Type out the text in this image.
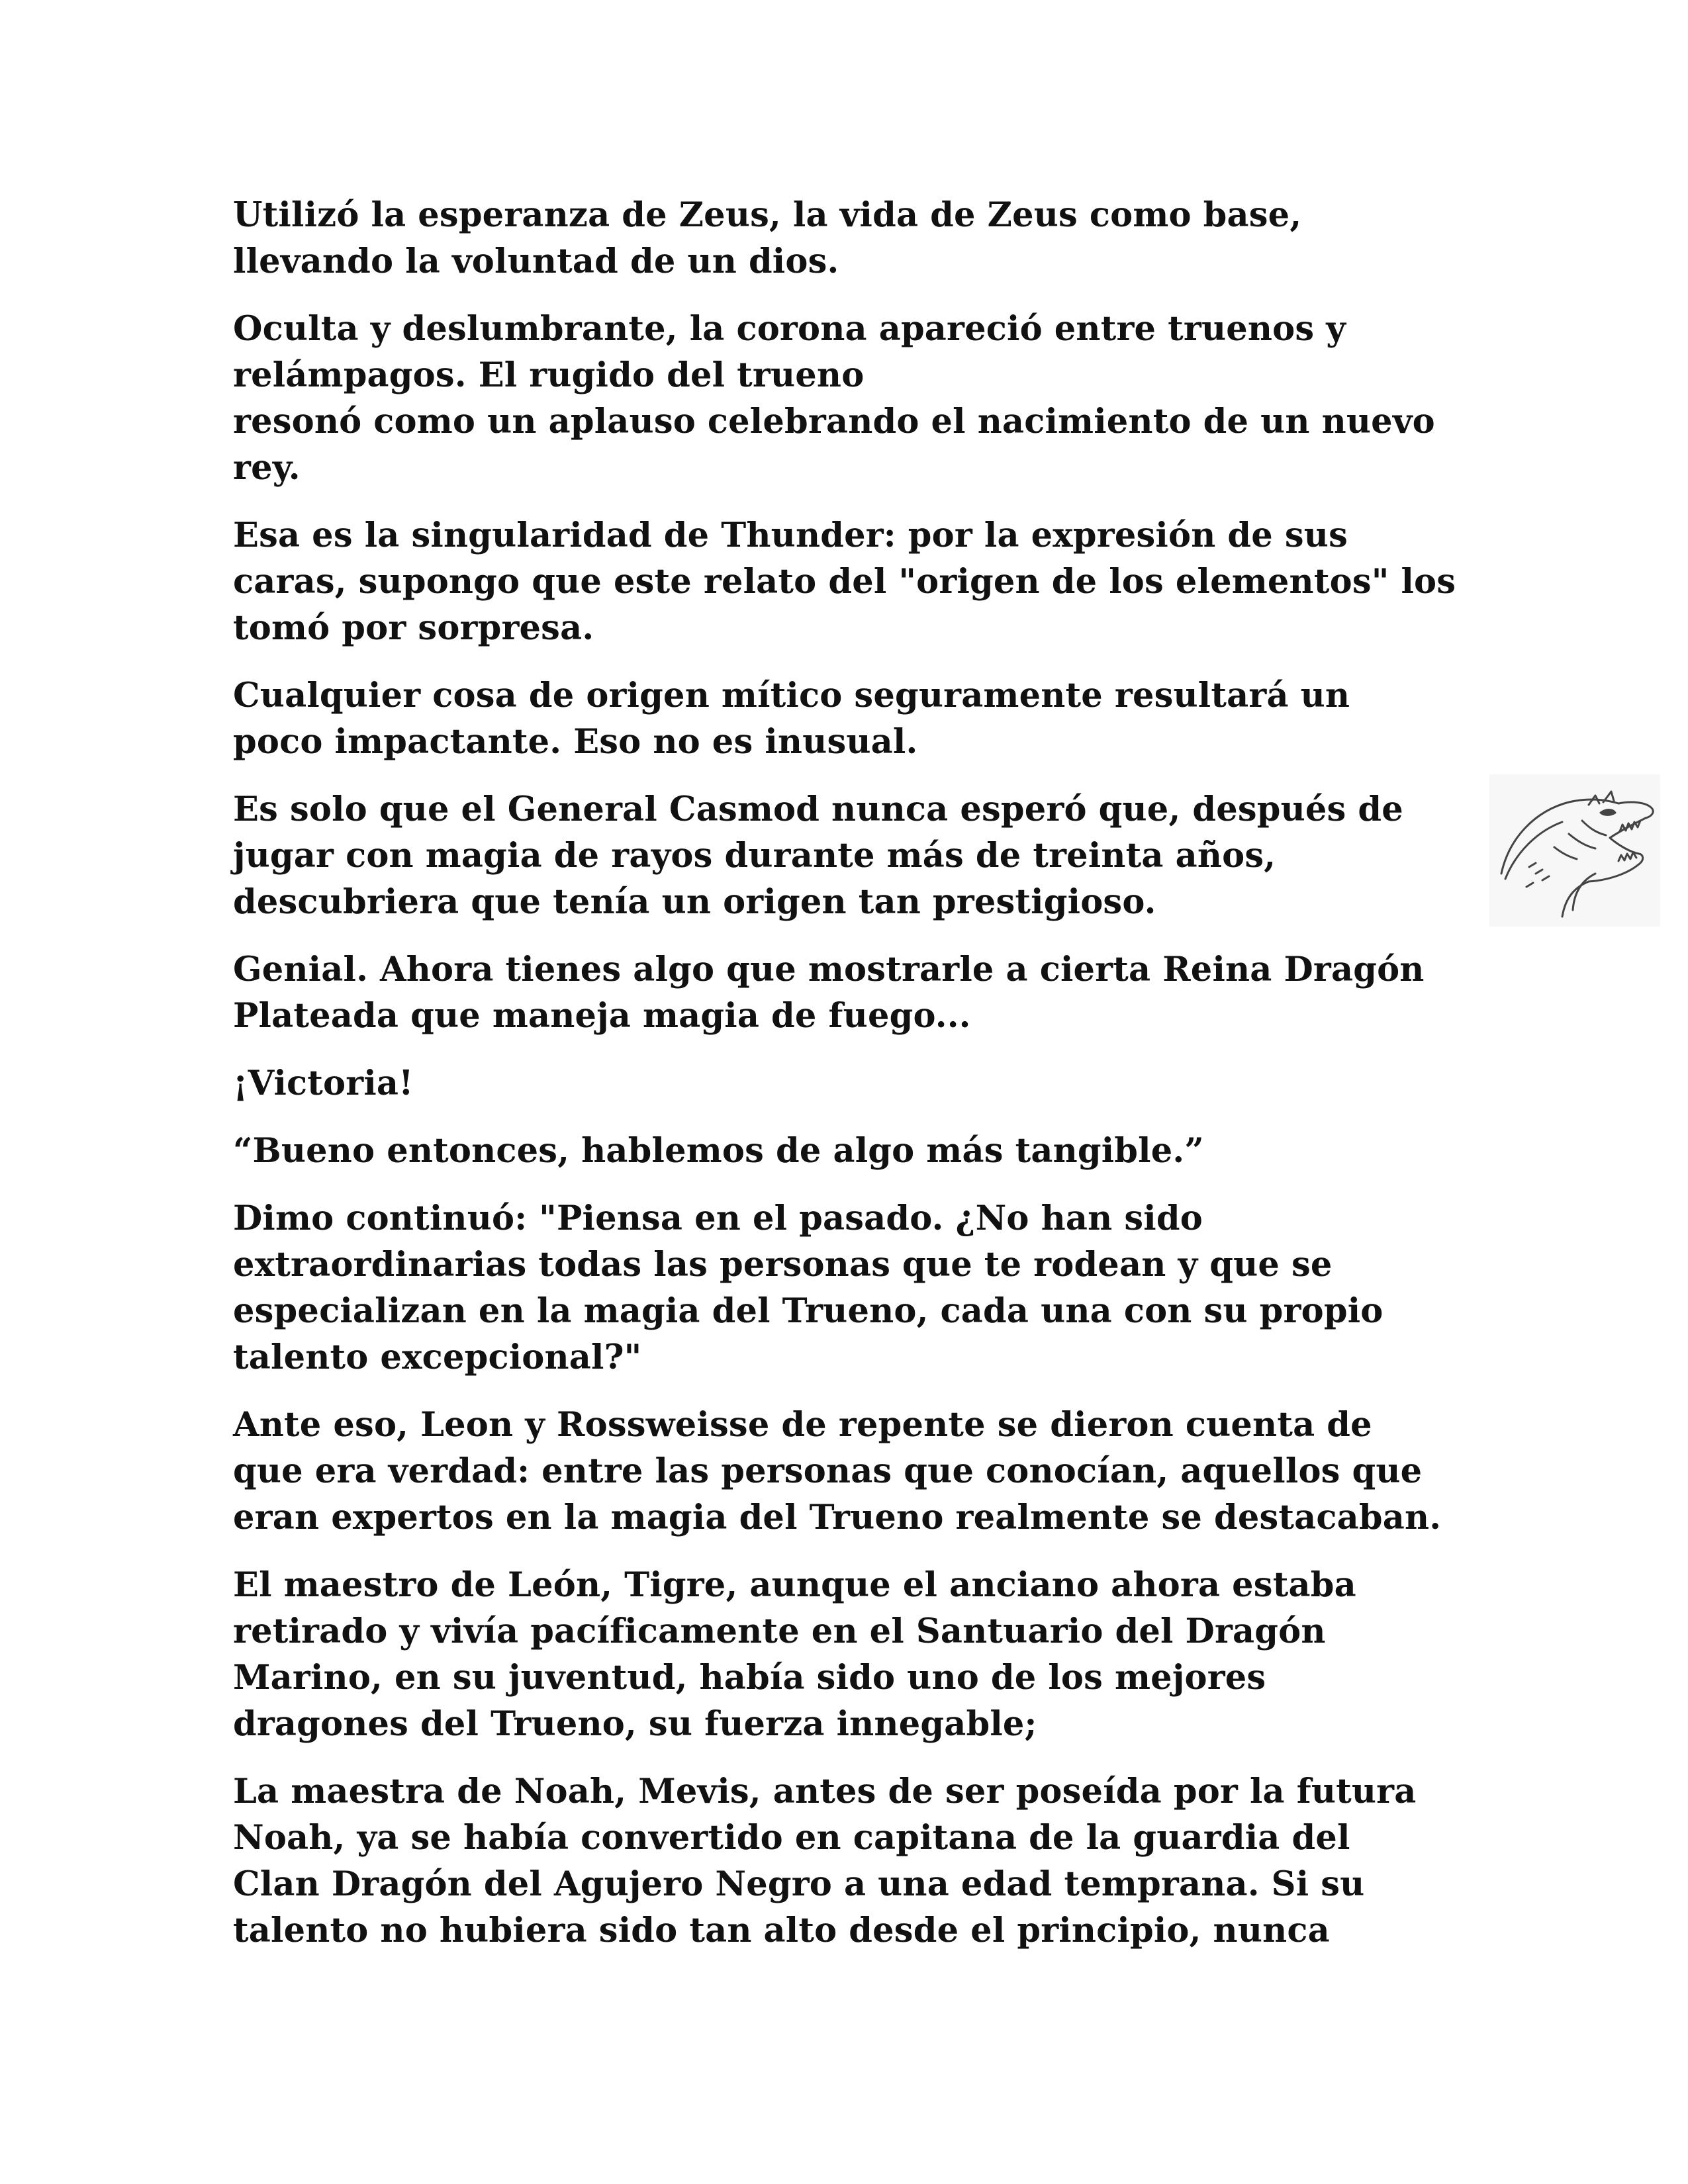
Utilizó la esperanza de Zeus, la vida de Zeus como base,
llevando la voluntad de un dios.

Oculta y deslumbrante, la corona apareció entre truenos y
relámpagos. El rugido del trueno
resonó como un aplauso celebrando el nacimiento de un nuevo
rey.

Esa es la singularidad de Thunder: por la expresión de sus
caras, supongo que este relato del "origen de los elementos" los
tomó por sorpresa.

Cualquier cosa de origen mítico seguramente resultará un
poco impactante. Eso no es inusual.

Es solo que el General Casmod nunca esperó que, después de
jugar con magia de rayos durante más de treinta años,
descubriera que tenía un origen tan prestigioso.

Genial. Ahora tienes algo que mostrarle a cierta Reina Dragón
Plateada que maneja magia de fuego...

¡Victoria!

“Bueno entonces, hablemos de algo más tangible.”

Dimo continuó: "Piensa en el pasado. ¿No han sido
extraordinarias todas las personas que te rodean y que se
especializan en la magia del Trueno, cada una con su propio
talento excepcional?"

Ante eso, Leon y Rossweisse de repente se dieron cuenta de
que era verdad: entre las personas que conocían, aquellos que
eran expertos en la magia del Trueno realmente se destacaban.

El maestro de León, Tigre, aunque el anciano ahora estaba
retirado y vivía pacíficamente en el Santuario del Dragón
Marino, en su juventud, había sido uno de los mejores
dragones del Trueno, su fuerza innegable;

La maestra de Noah, Mevis, antes de ser poseída por la futura
Noah, ya se había convertido en capitana de la guardia del
Clan Dragón del Agujero Negro a una edad temprana. Si su
talento no hubiera sido tan alto desde el principio, nunca
